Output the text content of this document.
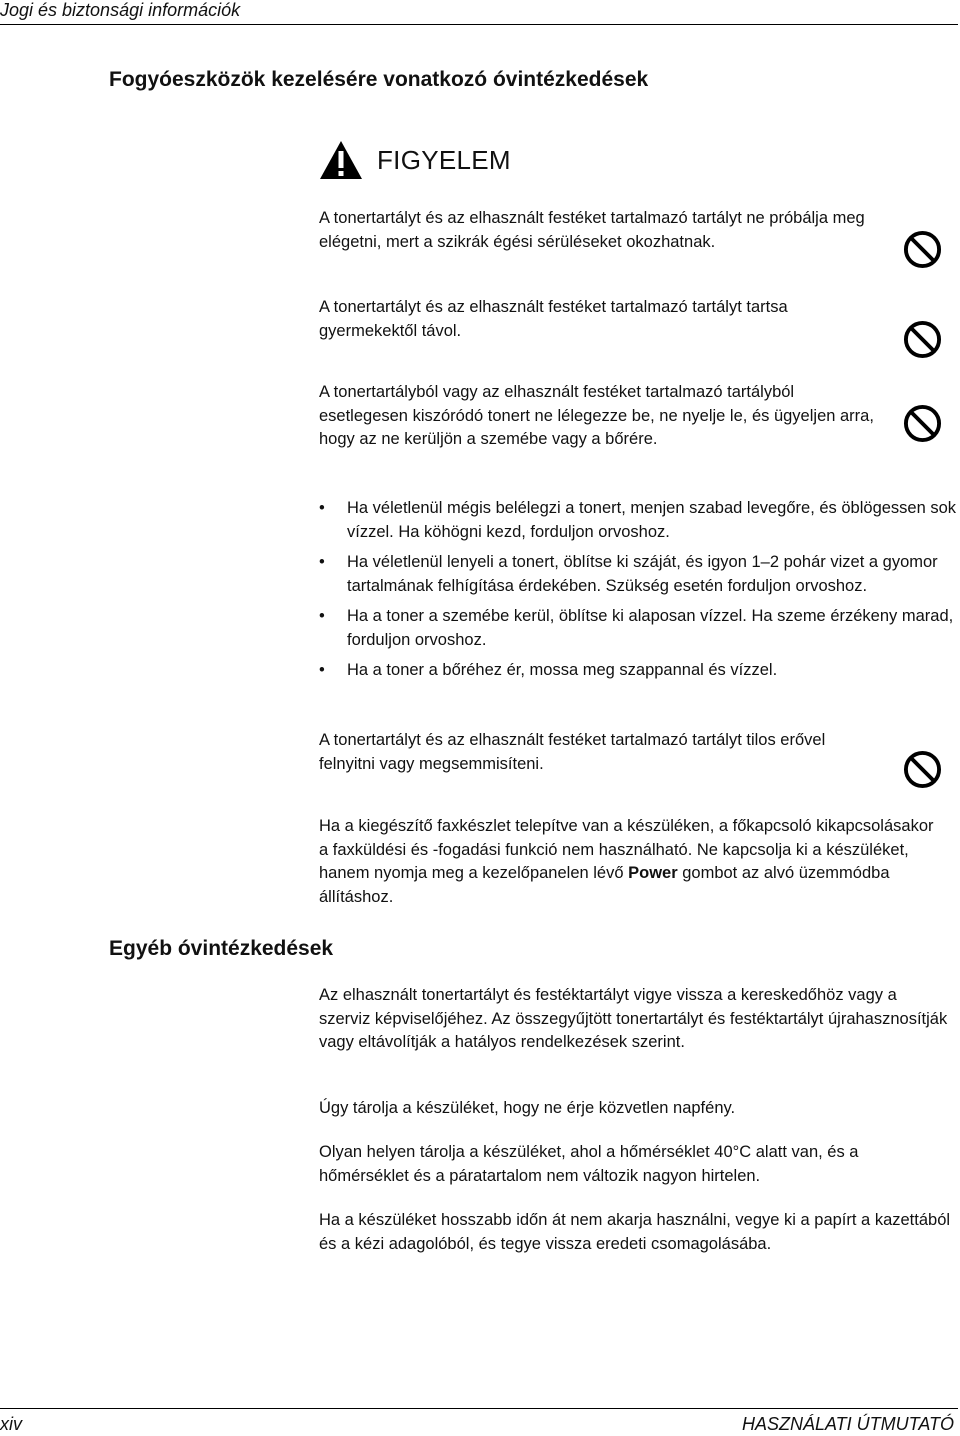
Jogi és biztonsági információk
Fogyóeszközök kezelésére vonatkozó óvintézkedések
FIGYELEM

A tonertartályt és az elhasznált festéket tartalmazó tartályt ne próbálja meg elégetni, mert a szikrák égési sérüléseket okozhatnak.

A tonertartályt és az elhasznált festéket tartalmazó tartályt tartsa gyermekektől távol.

A tonertartályból vagy az elhasznált festéket tartalmazó tartályból esetlegesen kiszóródó tonert ne lélegezze be, ne nyelje le, és ügyeljen arra, hogy az ne kerüljön a szemébe vagy a bőrére.

• Ha véletlenül mégis belélegzi a tonert, menjen szabad levegőre, és öblögessen sok vízzel. Ha köhögni kezd, forduljon orvoshoz.
• Ha véletlenül lenyeli a tonert, öblítse ki száját, és igyon 1–2 pohár vizet a gyomor tartalmának felhígítása érdekében. Szükség esetén forduljon orvoshoz.
• Ha a toner a szemébe kerül, öblítse ki alaposan vízzel. Ha szeme érzékeny marad, forduljon orvoshoz.
• Ha a toner a bőréhez ér, mossa meg szappannal és vízzel.

A tonertartályt és az elhasznált festéket tartalmazó tartályt tilos erővel felnyitni vagy megsemmisíteni.

Ha a kiegészítő faxkészlet telepítve van a készüléken, a főkapcsoló kikapcsolásakor a faxküldési és -fogadási funkció nem használható. Ne kapcsolja ki a készüléket, hanem nyomja meg a kezelőpanelen lévő Power gombot az alvó üzemmódba állításhoz.

Egyéb óvintézkedések

Az elhasznált tonertartályt és festéktartályt vigye vissza a kereskedőhöz vagy a szerviz képviselőjéhez. Az összegyűjtött tonertartályt és festéktartályt újrahasznosítják vagy eltávolítják a hatályos rendelkezések szerint.

Úgy tárolja a készüléket, hogy ne érje közvetlen napfény.

Olyan helyen tárolja a készüléket, ahol a hőmérséklet 40°C alatt van, és a hőmérséklet és a páratartalom nem változik nagyon hirtelen.

Ha a készüléket hosszabb időn át nem akarja használni, vegye ki a papírt a kazettából és a kézi adagolóból, és tegye vissza eredeti csomagolásába.

xiv	HASZNÁLATI ÚTMUTATÓ
